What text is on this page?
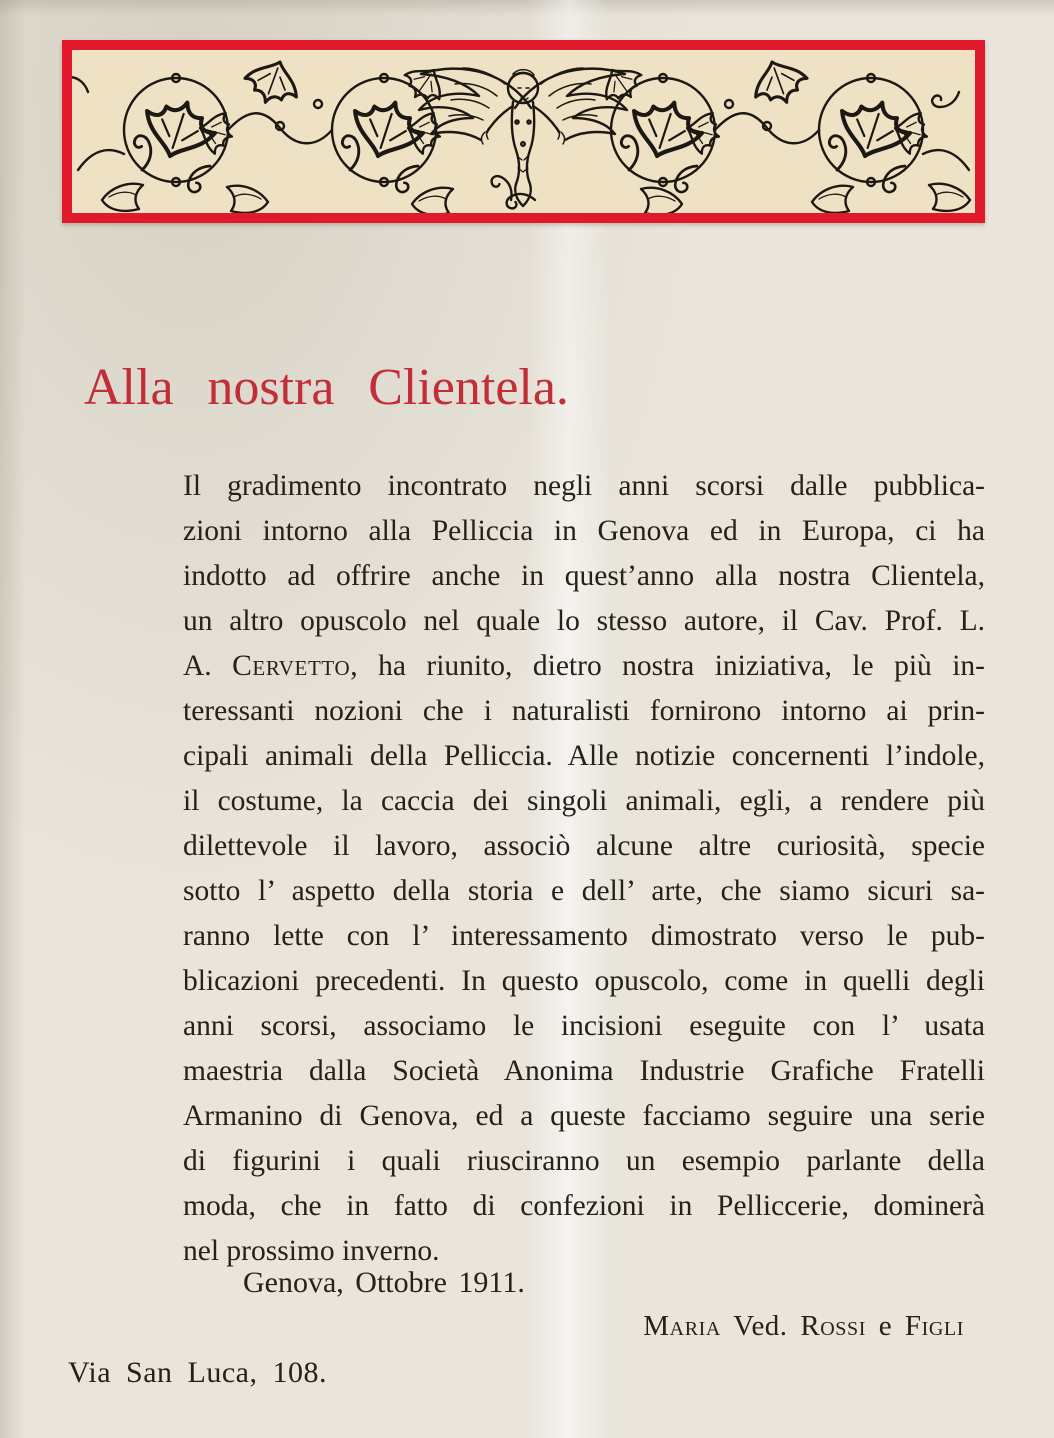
Alla nostra Clientela.
Il gradimento incontrato negli anni scorsi dalle pubblica-
zioni intorno alla Pelliccia in Genova ed in Europa, ci ha
indotto ad offrire anche in quest’anno alla nostra Clientela,
un altro opuscolo nel quale lo stesso autore, il Cav. Prof. L.
A. Cervetto, ha riunito, dietro nostra iniziativa, le più in-
teressanti nozioni che i naturalisti fornirono intorno ai prin-
cipali animali della Pelliccia. Alle notizie concernenti l’indole,
il costume, la caccia dei singoli animali, egli, a rendere più
dilettevole il lavoro, associò alcune altre curiosità, specie
sotto l’ aspetto della storia e dell’ arte, che siamo sicuri sa-
ranno lette con l’ interessamento dimostrato verso le pub-
blicazioni precedenti. In questo opuscolo, come in quelli degli
anni scorsi, associamo le incisioni eseguite con l’ usata
maestria dalla Società Anonima Industrie Grafiche Fratelli
Armanino di Genova, ed a queste facciamo seguire una serie
di figurini i quali riusciranno un esempio parlante della
moda, che in fatto di confezioni in Pelliccerie, dominerà
nel prossimo inverno.

Genova, Ottobre 1911.

Maria Ved. Rossi e Figli

Via San Luca, 108.
